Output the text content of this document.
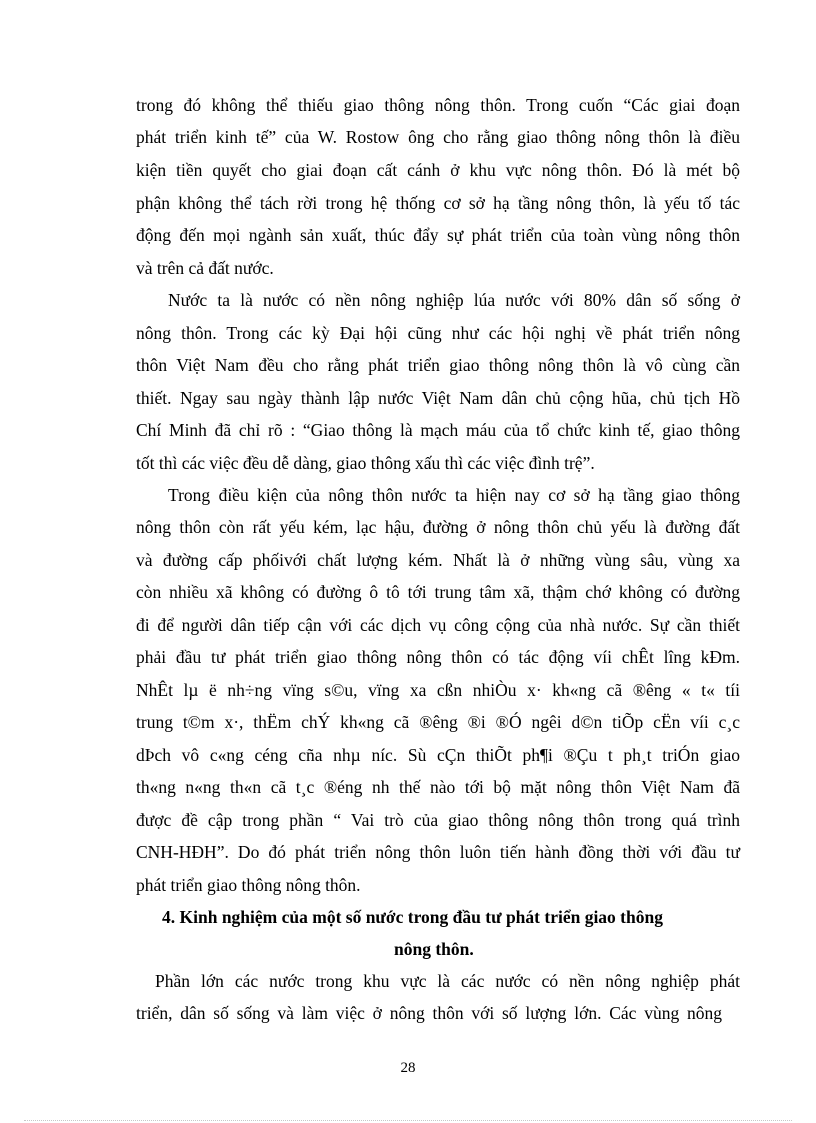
trong đó không thể thiếu giao thông nông thôn. Trong cuốn “Các giai đoạn
phát triển kinh tế” của W. Rostow ông cho rằng giao thông nông thôn là điều
kiện tiền quyết cho giai đoạn cất cánh ở khu vực nông thôn. Đó là mét bộ
phận không thể tách rời trong hệ thống cơ sở hạ tầng nông thôn, là yếu tố tác
động đến mọi ngành sản xuất, thúc đẩy sự phát triển của toàn vùng nông thôn
và trên cả đất nước.
Nước ta là nước có nền nông nghiệp lúa nước với 80% dân số sống ở
nông thôn. Trong các kỳ Đại hội cũng như các hội nghị về phát triển nông
thôn Việt Nam đều cho rằng phát triển giao thông nông thôn là vô cùng cần
thiết. Ngay sau ngày thành lập nước Việt Nam dân chủ cộng hũa, chủ tịch Hồ
Chí Minh đã chỉ rõ : “Giao thông là mạch máu của tổ chức kinh tế, giao thông
tốt thì các việc đều dễ dàng, giao thông xấu thì các việc đình trệ”.
Trong điều kiện của nông thôn nước ta hiện nay cơ sở hạ tầng giao thông
nông thôn còn rất yếu kém, lạc hậu, đường ở nông thôn chủ yếu là đường đất
và đường cấp phốivới chất lượng kém. Nhất là ở những vùng sâu, vùng xa
còn nhiều xã không có đường ô tô tới trung tâm xã, thậm chớ không có đường
đi để người dân tiếp cận với các dịch vụ công cộng của nhà nước. Sự cần thiết
phải đầu tư phát triển giao thông nông thôn có tác động víi chÊt lîng kÐm.
NhÊt lµ ë nh÷ng vïng s©u, vïng xa cßn nhiÒu x· kh«ng cã ®êng « t« tíi
trung t©m x·, thËm chÝ kh«ng cã ®êng ®i ®Ó ngêi d©n tiÕp cËn víi c¸c
dÞch vô c«ng céng cña nhµ níc. Sù cÇn thiÕt ph¶i ®Çu t ph¸t triÓn giao
th«ng n«ng th«n cã t¸c ®éng nh thế nào tới bộ mặt nông thôn Việt Nam đã
được đề cập trong phần “ Vai trò của giao thông nông thôn trong quá trình
CNH-HĐH”. Do đó phát triển nông thôn luôn tiến hành đồng thời với đầu tư
phát triển giao thông nông thôn.
4. Kinh nghiệm của một số nước trong đầu tư phát triển giao thông
nông thôn.
Phần lớn các nước trong khu vực là các nước có nền nông nghiệp phát
triển, dân số sống và làm việc ở nông thôn với số lượng lớn. Các vùng nông
28
